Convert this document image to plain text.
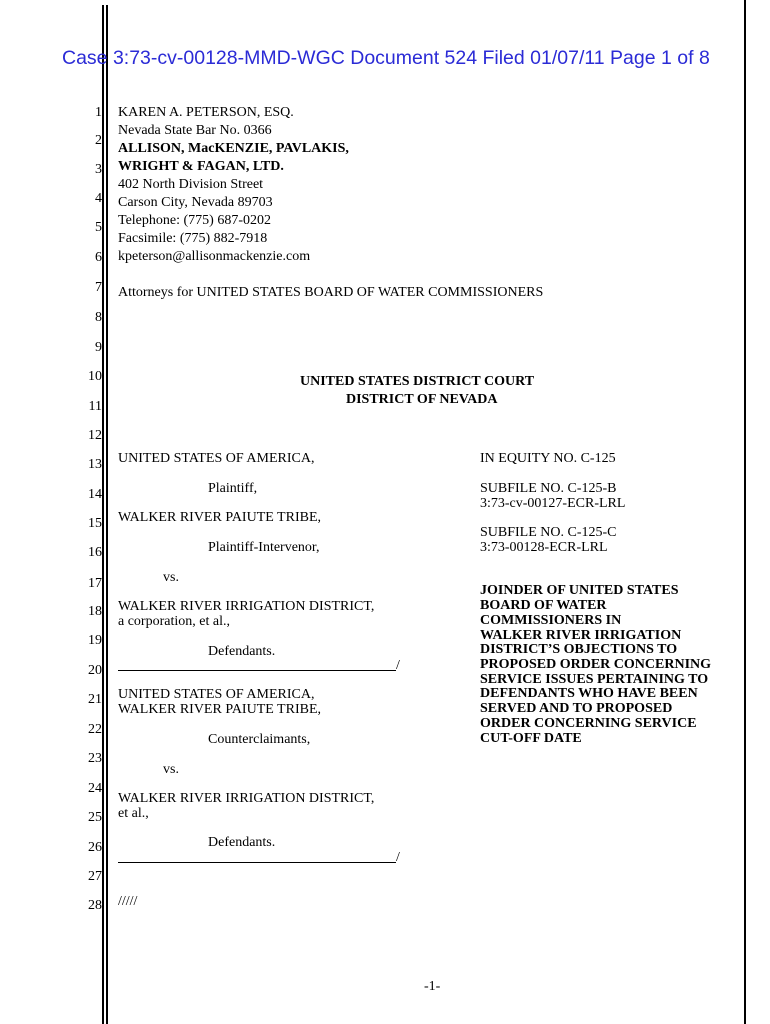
Case 3:73-cv-00128-MMD-WGC Document 524 Filed 01/07/11 Page 1 of 8
1
2
3
4
5
6
7
8
9
10
11
12
13
14
15
16
17
18
19
20
21
22
23
24
25
26
27
28
KAREN A. PETERSON, ESQ.
Nevada State Bar No. 0366
ALLISON, MacKENZIE, PAVLAKIS,
WRIGHT & FAGAN, LTD.
402 North Division Street
Carson City, Nevada 89703
Telephone: (775) 687-0202
Facsimile: (775) 882-7918
kpeterson@allisonmackenzie.com
Attorneys for UNITED STATES BOARD OF WATER COMMISSIONERS
UNITED STATES DISTRICT COURT
DISTRICT OF NEVADA
UNITED STATES OF AMERICA,
Plaintiff,
WALKER RIVER PAIUTE TRIBE,
Plaintiff-Intervenor,
vs.
WALKER RIVER IRRIGATION DISTRICT,
a corporation, et al.,
Defendants.
/
UNITED STATES OF AMERICA,
WALKER RIVER PAIUTE TRIBE,
Counterclaimants,
vs.
WALKER RIVER IRRIGATION DISTRICT,
et al.,
Defendants.
/
IN EQUITY NO. C-125
SUBFILE NO. C-125-B
3:73-cv-00127-ECR-LRL
SUBFILE NO. C-125-C
3:73-00128-ECR-LRL
JOINDER OF UNITED STATES
BOARD OF WATER
COMMISSIONERS IN
WALKER RIVER IRRIGATION
DISTRICT’S OBJECTIONS TO
PROPOSED ORDER CONCERNING
SERVICE ISSUES PERTAINING TO
DEFENDANTS WHO HAVE BEEN
SERVED AND TO PROPOSED
ORDER CONCERNING SERVICE
CUT-OFF DATE
/////
-1-
